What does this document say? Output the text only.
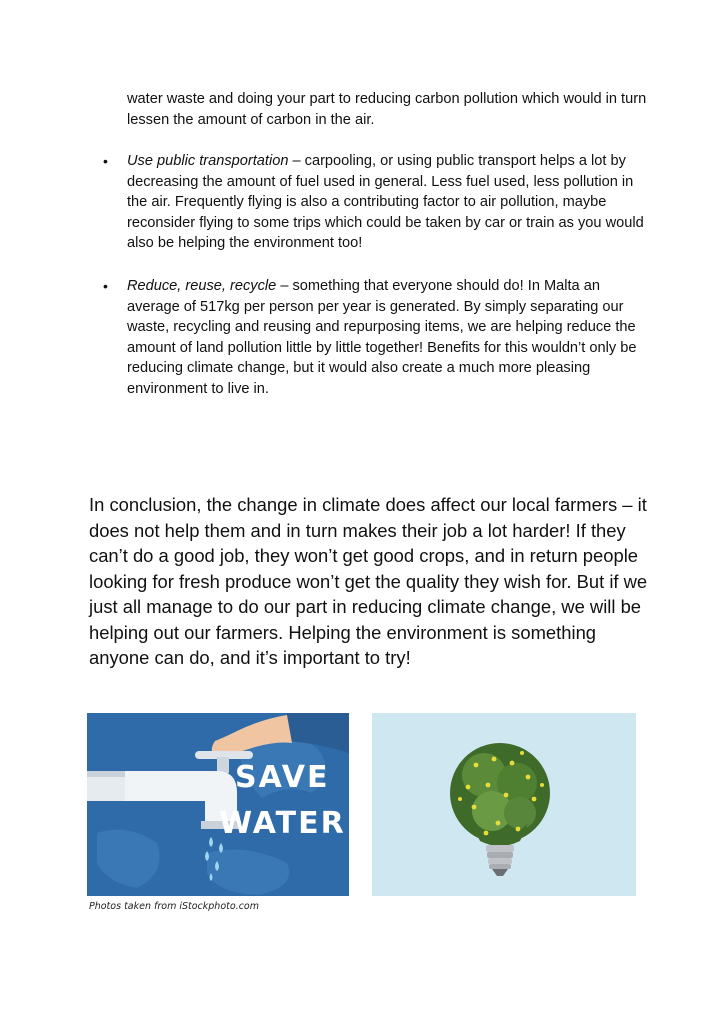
water waste and doing your part to reducing carbon pollution which would in turn lessen the amount of carbon in the air.

•	Use public transportation – carpooling, or using public transport helps a lot by decreasing the amount of fuel used in general. Less fuel used, less pollution in the air. Frequently flying is also a contributing factor to air pollution, maybe reconsider flying to some trips which could be taken by car or train as you would also be helping the environment too!
•	Reduce, reuse, recycle – something that everyone should do! In Malta an average of 517kg per person per year is generated. By simply separating our waste, recycling and reusing and repurposing items, we are helping reduce the amount of land pollution little by little together! Benefits for this wouldn’t only be reducing climate change, but it would also create a much more pleasing environment to live in.

In conclusion, the change in climate does affect our local farmers – it does not help them and in turn makes their job a lot harder! If they can’t do a good job, they won’t get good crops, and in return people looking for fresh produce won’t get the quality they wish for. But if we just all manage to do our part in reducing climate change, we will be helping out our farmers. Helping the environment is something anyone can do, and it’s important to try!

SAVE
WATER

Photos taken from iStockphoto.com
